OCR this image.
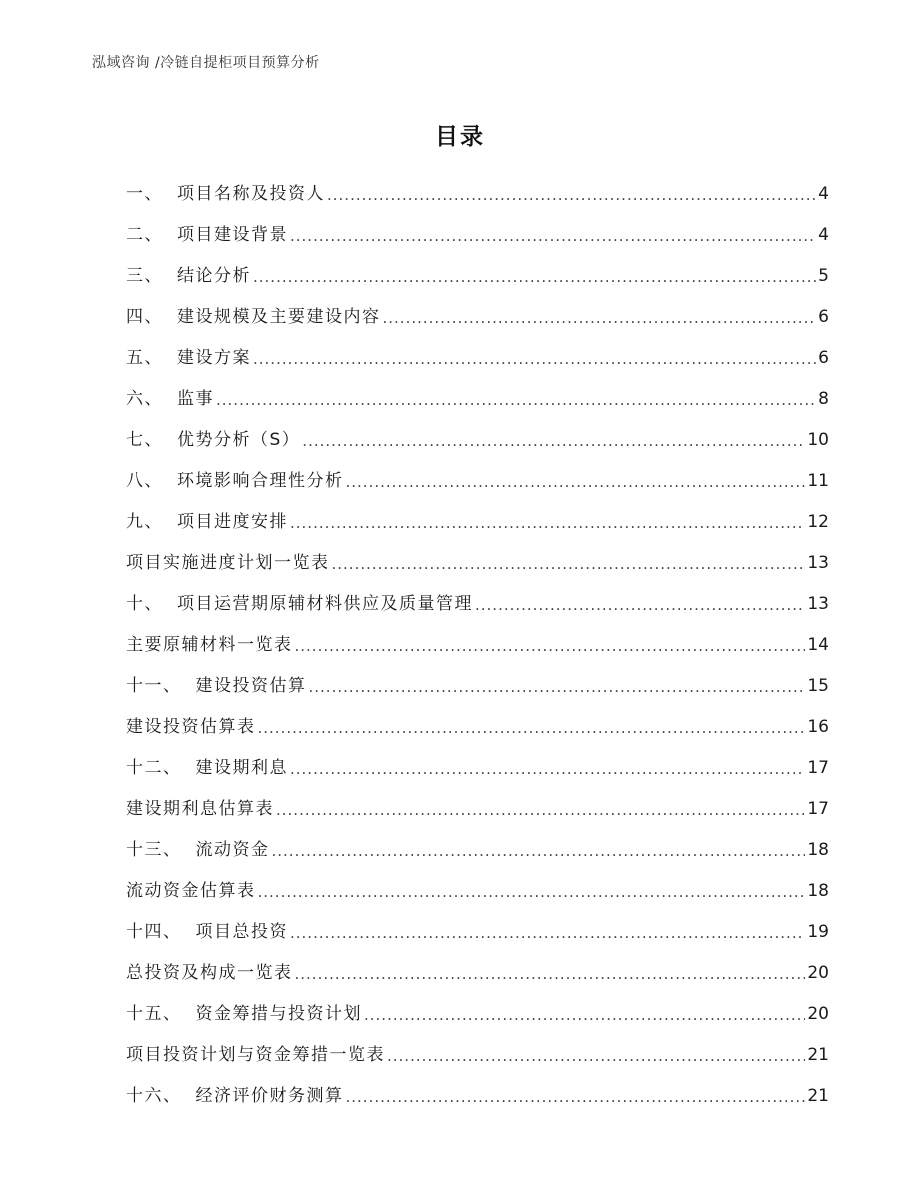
泓域咨询 /冷链自提柜项目预算分析
目录
一、 项目名称及投资人 .....	4
二、 项目建设背景 .....	4
三、 结论分析 .....	5
四、 建设规模及主要建设内容 .....	6
五、 建设方案 .....	6
六、 监事 .....	8
七、 优势分析（S） .....	10
八、 环境影响合理性分析 .....	11
九、 项目进度安排 .....	12
项目实施进度计划一览表 .....	13
十、 项目运营期原辅材料供应及质量管理 .....	13
主要原辅材料一览表 .....	14
十一、 建设投资估算 .....	15
建设投资估算表 .....	16
十二、 建设期利息 .....	17
建设期利息估算表 .....	17
十三、 流动资金 .....	18
流动资金估算表 .....	18
十四、 项目总投资 .....	19
总投资及构成一览表 .....	20
十五、 资金筹措与投资计划 .....	20
项目投资计划与资金筹措一览表 .....	21
十六、 经济评价财务测算 .....	21
